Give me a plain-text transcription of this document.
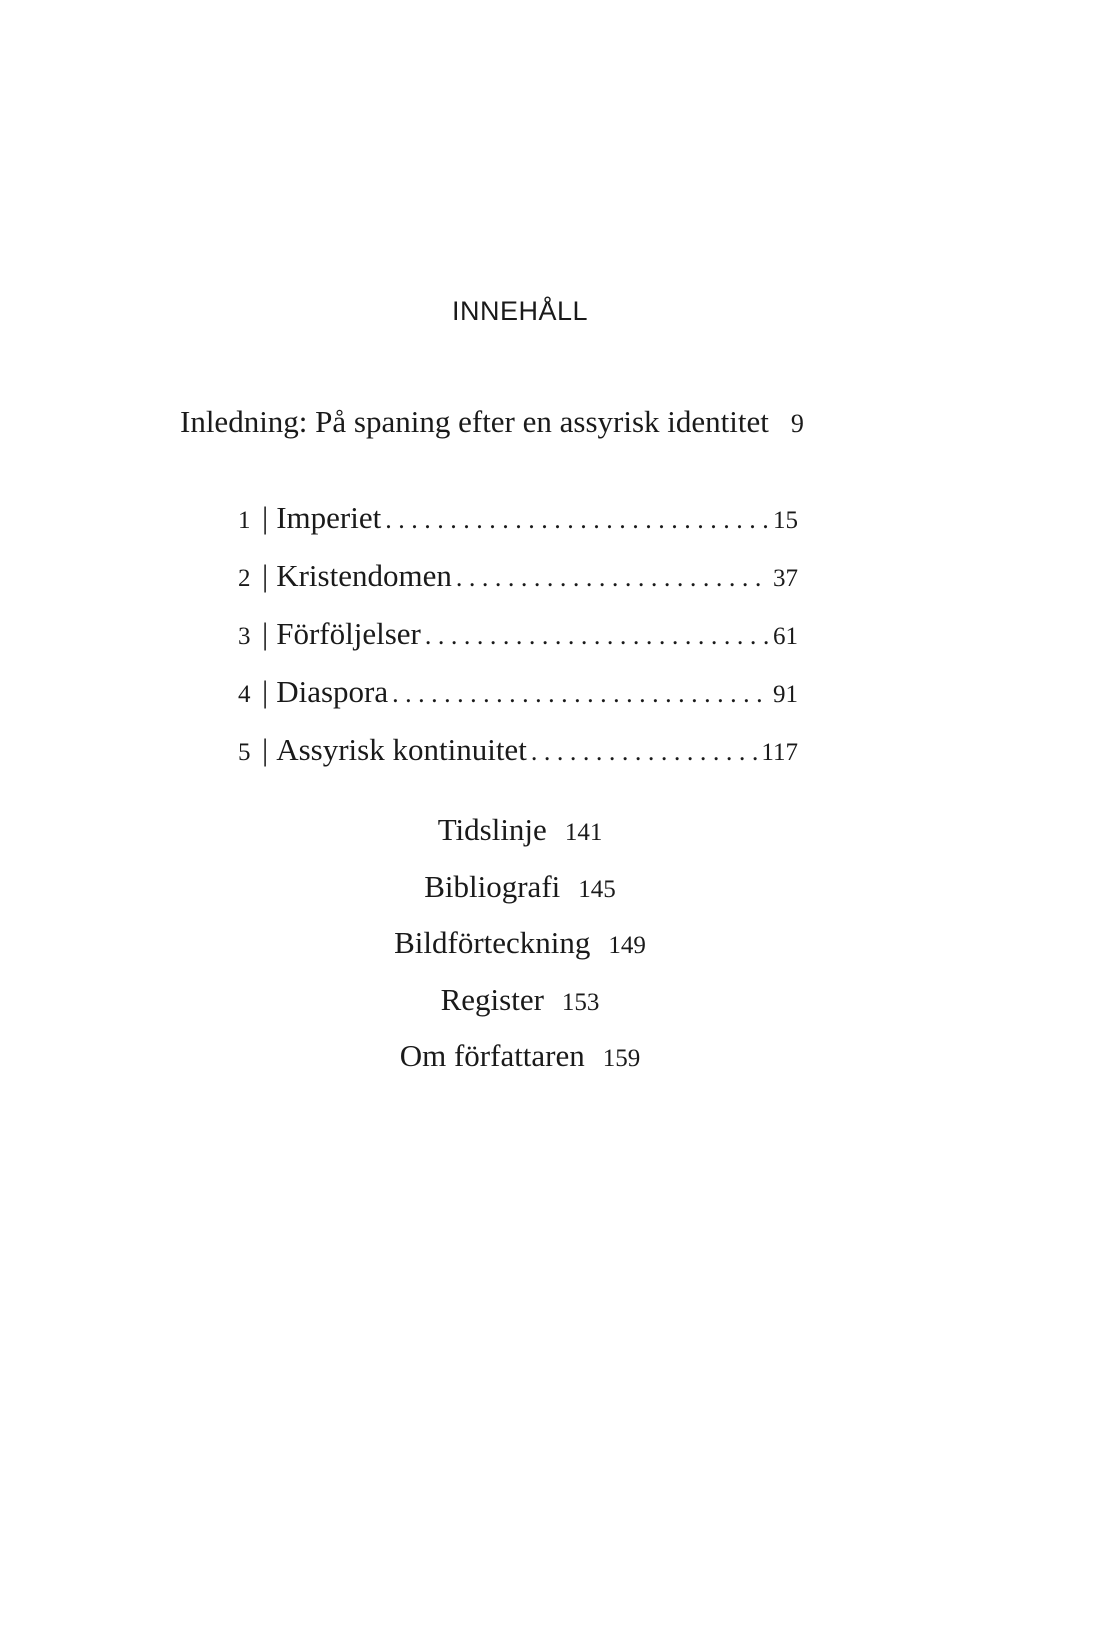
INNEHÅLL
Inledning: På spaning efter en assyrisk identitet 9
1 | Imperiet . . .	15
2 | Kristendomen . . .	37
3 | Förföljelser . . .	61
4 | Diaspora . . .	91
5 | Assyrisk kontinuitet . . .	117
Tidslinje 141
Bibliografi 145
Bildförteckning 149
Register 153
Om författaren 159
